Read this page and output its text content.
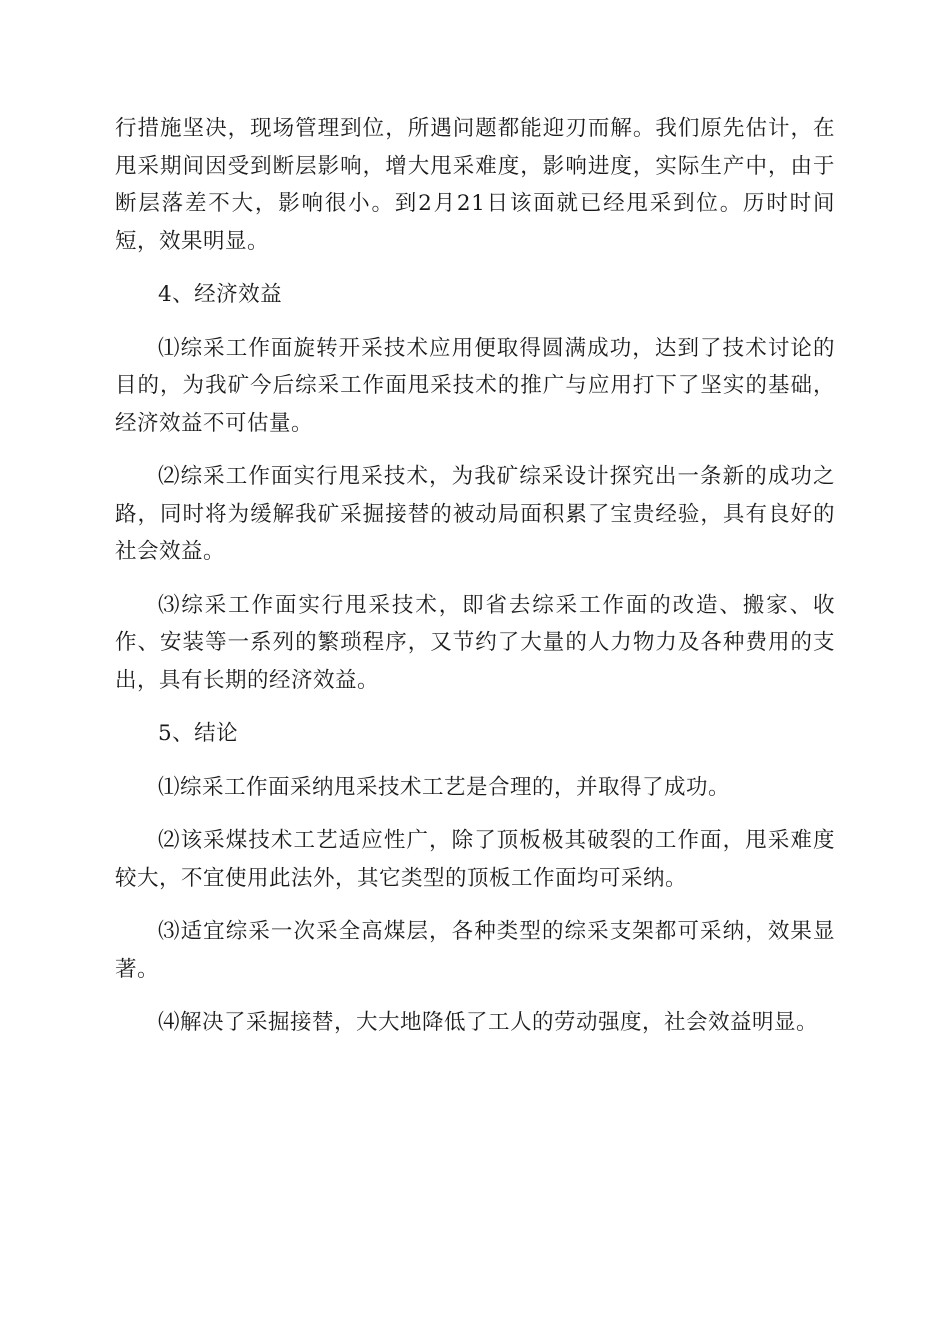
行措施坚决，现场管理到位，所遇问题都能迎刃而解。我们原先估计，在甩采期间因受到断层影响，增大甩采难度，影响进度，实际生产中，由于断层落差不大，影响很小。到2月21日该面就已经甩采到位。历时时间短，效果明显。

4、经济效益

⑴综采工作面旋转开采技术应用便取得圆满成功，达到了技术讨论的目的，为我矿今后综采工作面甩采技术的推广与应用打下了坚实的基础，经济效益不可估量。

⑵综采工作面实行甩采技术，为我矿综采设计探究出一条新的成功之路，同时将为缓解我矿采掘接替的被动局面积累了宝贵经验，具有良好的社会效益。

⑶综采工作面实行甩采技术，即省去综采工作面的改造、搬家、收作、安装等一系列的繁琐程序，又节约了大量的人力物力及各种费用的支出，具有长期的经济效益。

5、结论

⑴综采工作面采纳甩采技术工艺是合理的，并取得了成功。

⑵该采煤技术工艺适应性广，除了顶板极其破裂的工作面，甩采难度较大，不宜使用此法外，其它类型的顶板工作面均可采纳。

⑶适宜综采一次采全高煤层，各种类型的综采支架都可采纳，效果显著。

⑷解决了采掘接替，大大地降低了工人的劳动强度，社会效益明显。
